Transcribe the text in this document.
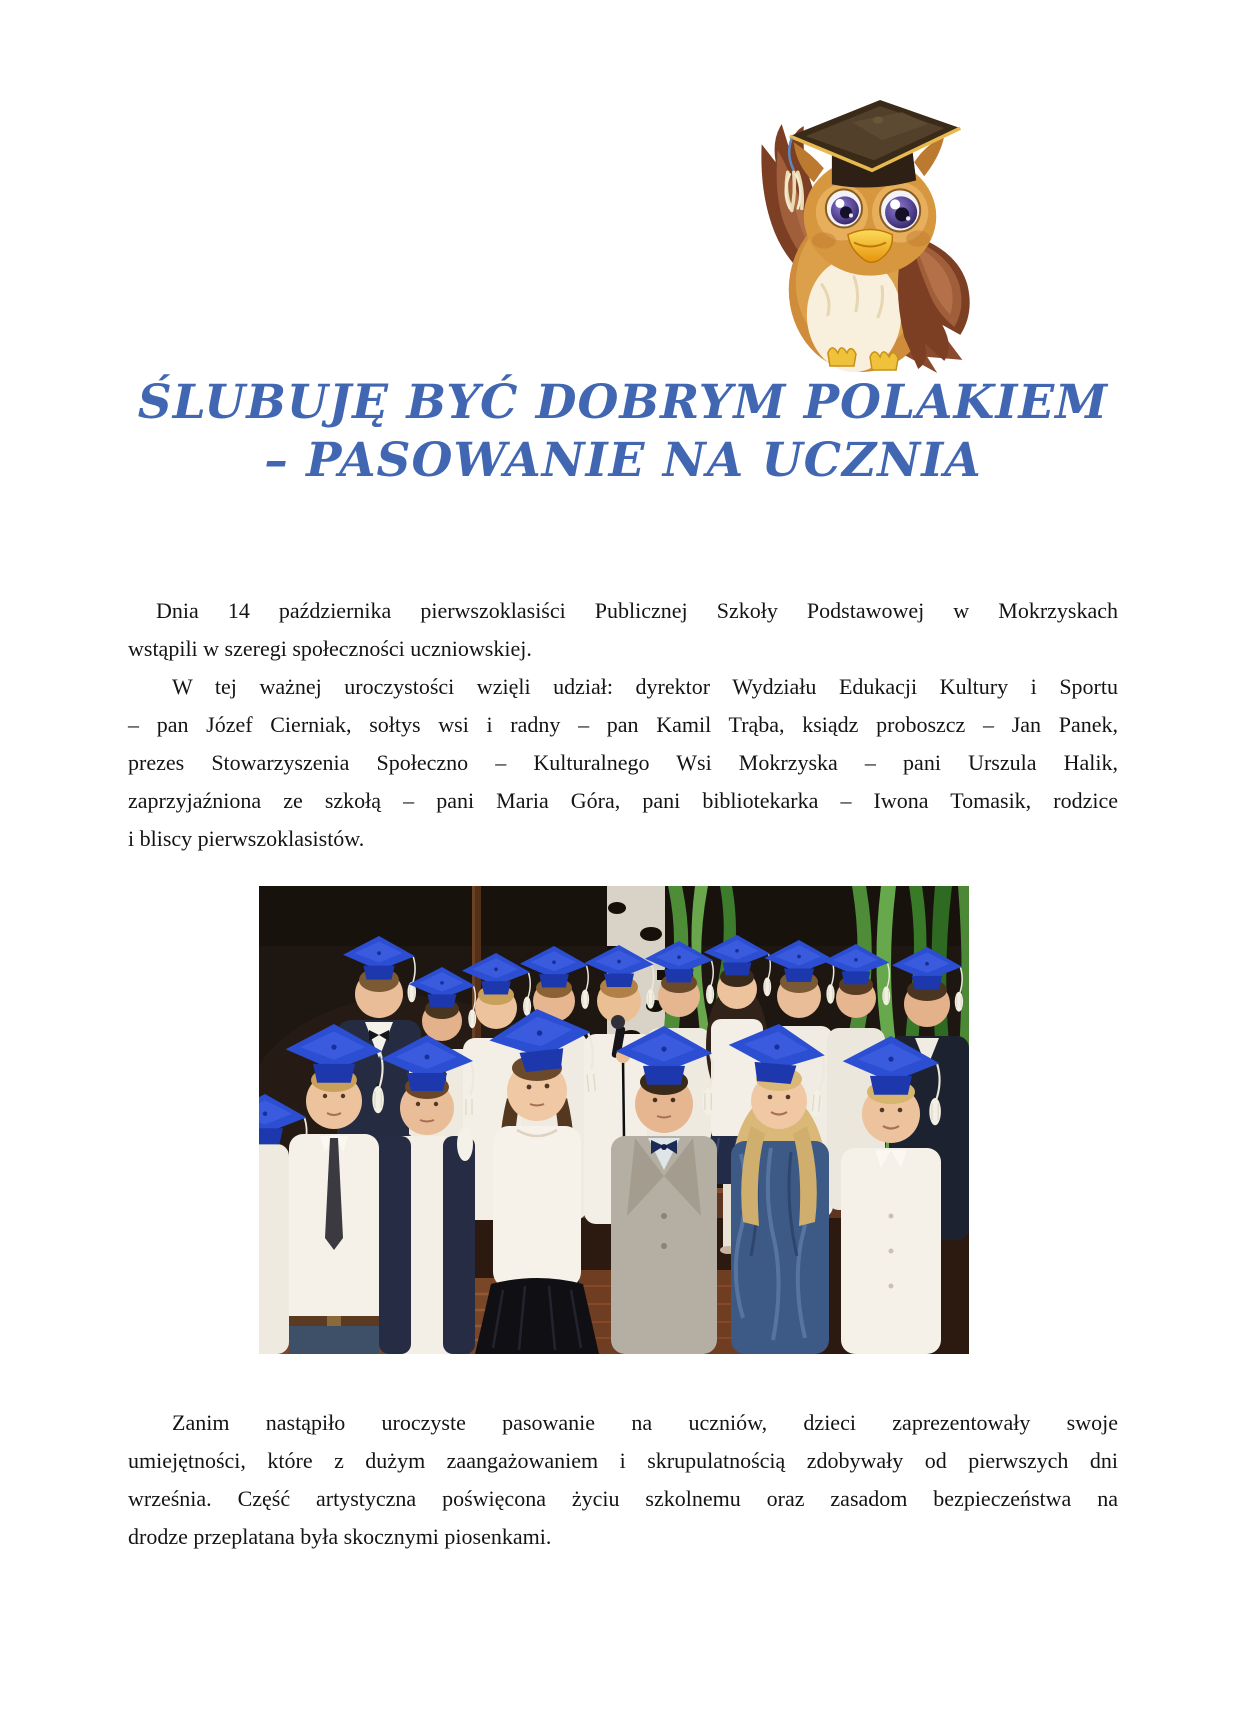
ŚLUBUJĘ BYĆ DOBRYM POLAKIEM
– PASOWANIE NA UCZNIA
Dnia 14 października pierwszoklasiści Publicznej Szkoły Podstawowej w Mokrzyskach
wstąpili w szeregi społeczności uczniowskiej.
W tej ważnej uroczystości wzięli udział: dyrektor Wydziału Edukacji Kultury i Sportu
– pan Józef Cierniak, sołtys wsi i radny – pan Kamil Trąba, ksiądz proboszcz – Jan Panek,
prezes Stowarzyszenia Społeczno – Kulturalnego Wsi Mokrzyska – pani Urszula Halik,
zaprzyjaźniona ze szkołą – pani Maria Góra, pani bibliotekarka – Iwona Tomasik, rodzice
i bliscy pierwszoklasistów.
Zanim nastąpiło uroczyste pasowanie na uczniów, dzieci zaprezentowały swoje
umiejętności, które z dużym zaangażowaniem i skrupulatnością zdobywały od pierwszych dni
września. Część artystyczna poświęcona życiu szkolnemu oraz zasadom bezpieczeństwa na
drodze przeplatana była skocznymi piosenkami.
